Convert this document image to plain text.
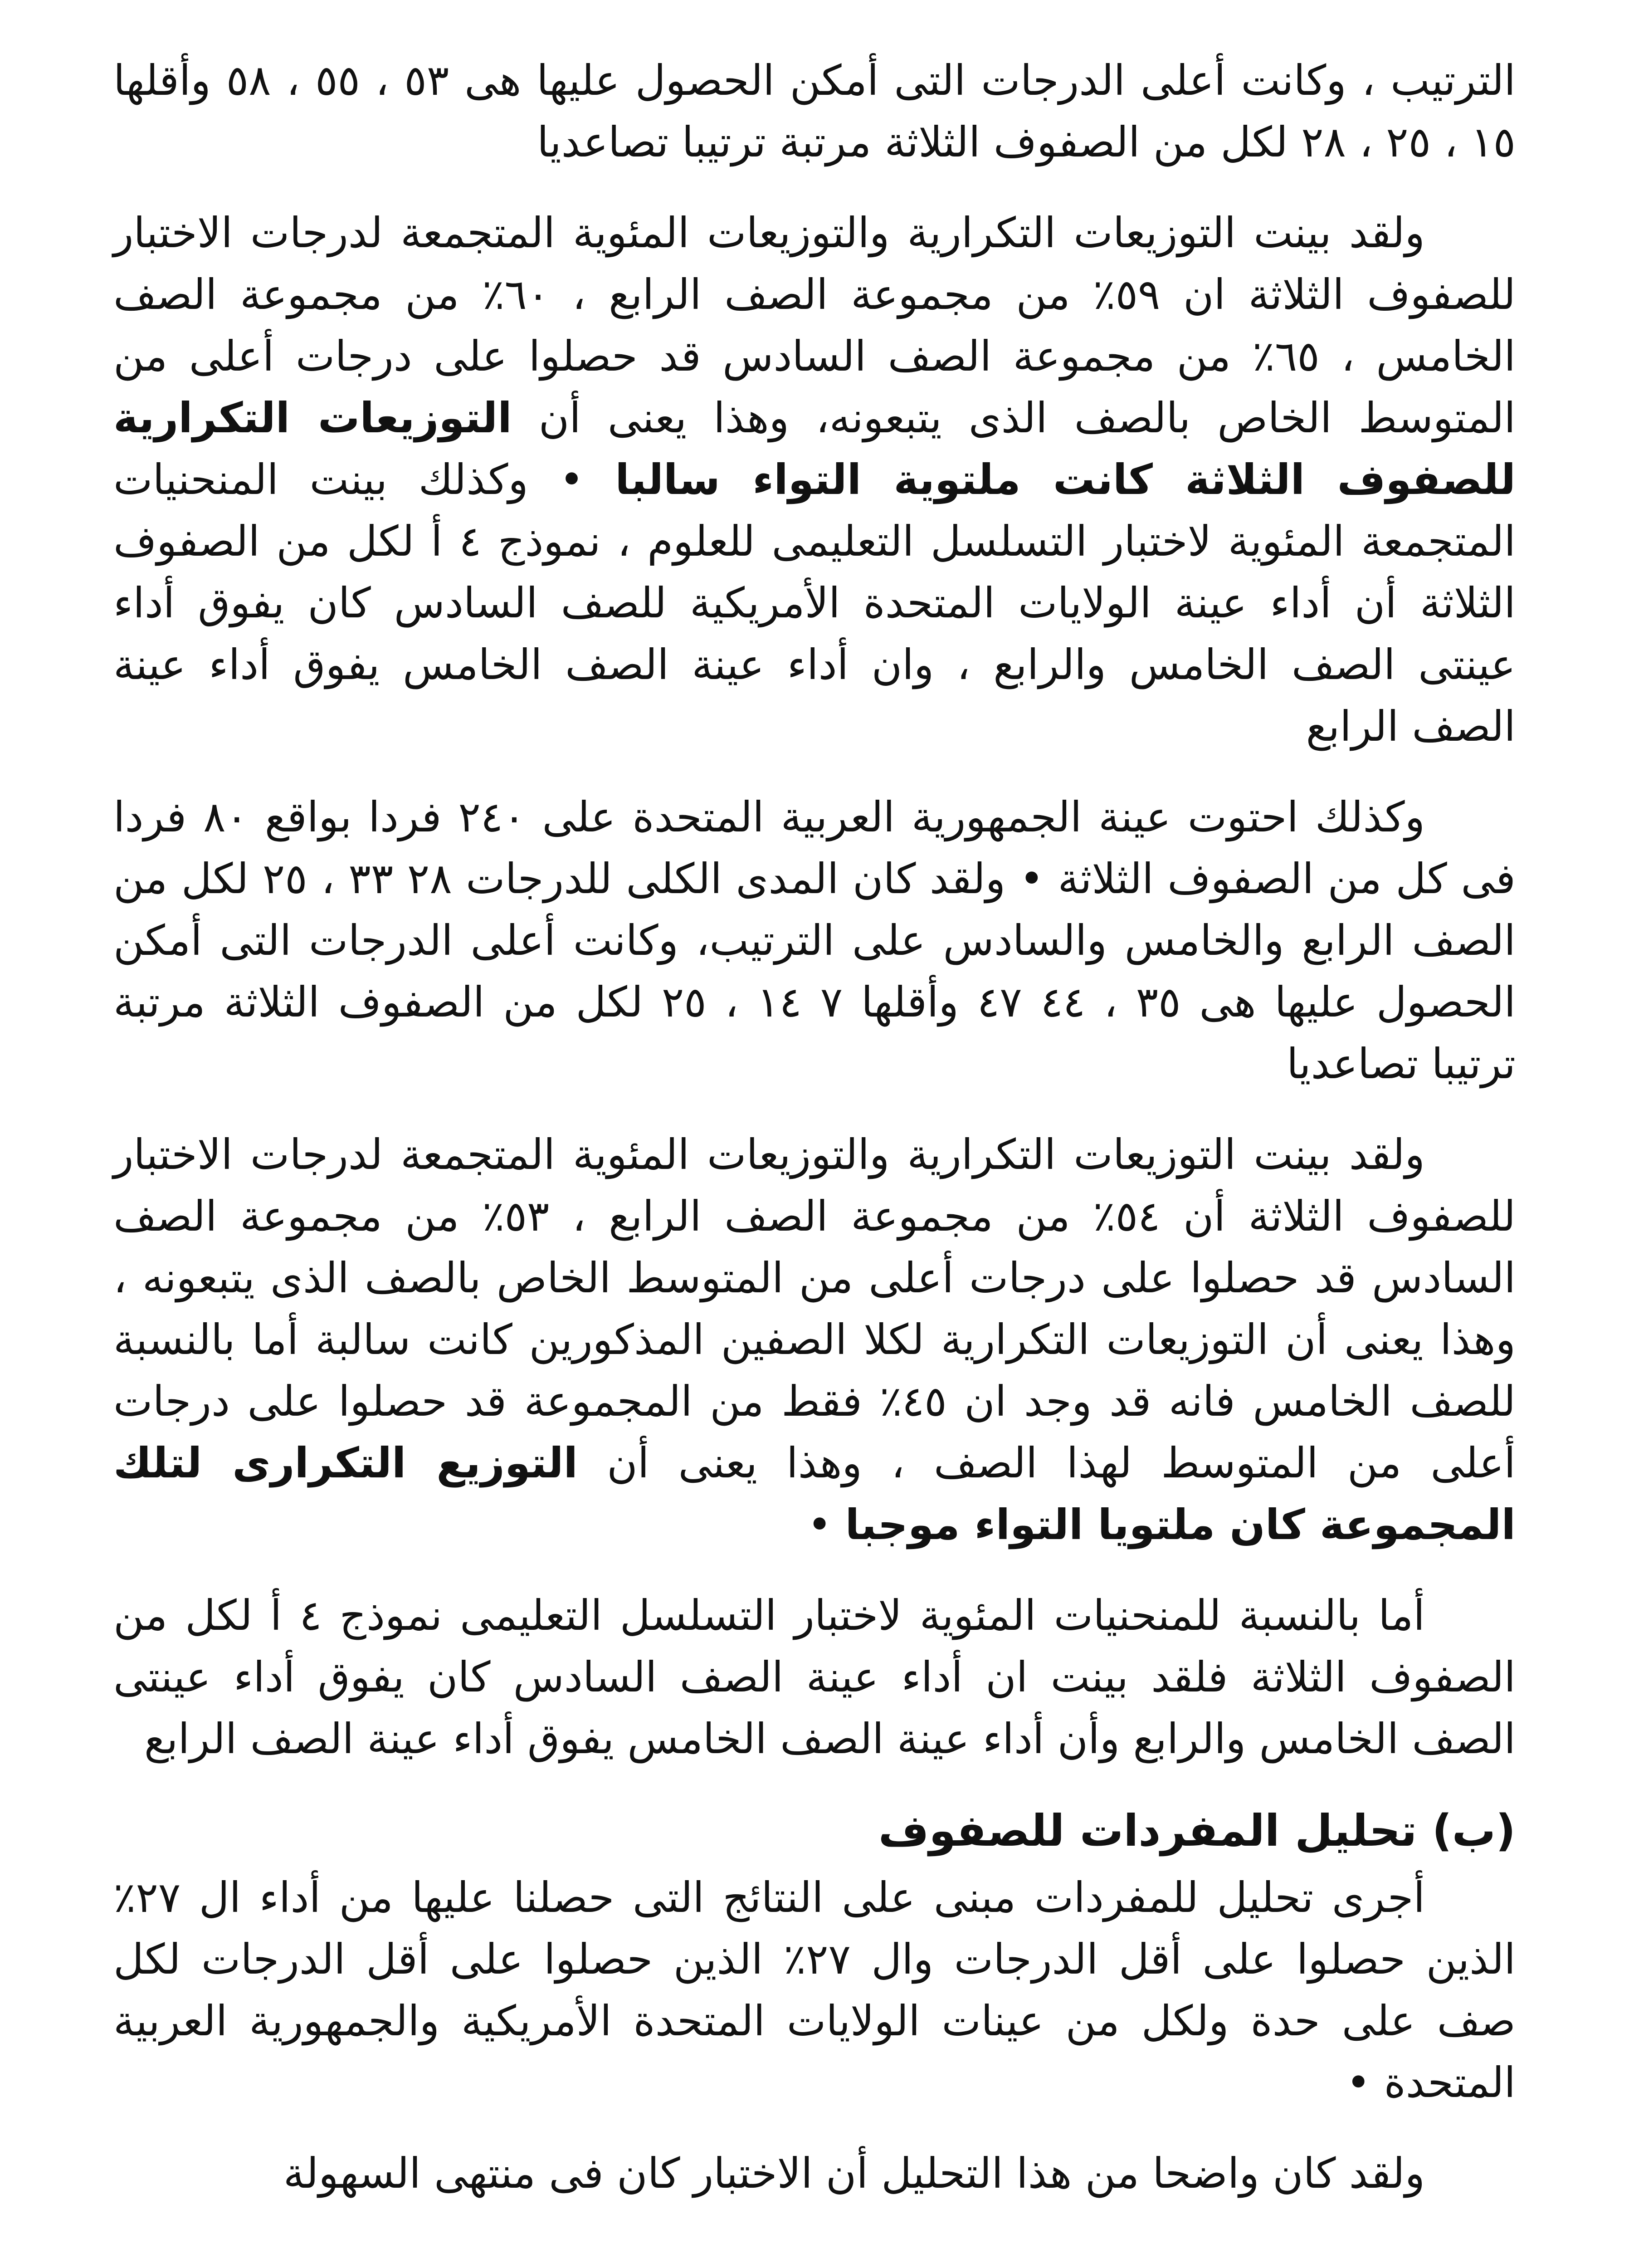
الترتيب ، وكانت أعلى الدرجات التى أمكن الحصول عليها هى ٥٣ ، ٥٥ ، ٥٨ وأقلها ١٥ ، ٢٥ ، ٢٨ لكل من الصفوف الثلاثة مرتبة ترتيبا تصاعديا

ولقد بينت التوزيعات التكرارية والتوزيعات المئوية المتجمعة لدرجات الاختبار للصفوف الثلاثة ان ٥٩٪ من مجموعة الصف الرابع ، ٦٠٪ من مجموعة الصف الخامس ، ٦٥٪ من مجموعة الصف السادس قد حصلوا على درجات أعلى من المتوسط الخاص بالصف الذى يتبعونه، وهذا يعنى أن التوزيعات التكرارية للصفوف الثلاثة كانت ملتوية التواء سالبا • وكذلك بينت المنحنيات المتجمعة المئوية لاختبار التسلسل التعليمى للعلوم ، نموذج ٤ أ لكل من الصفوف الثلاثة أن أداء عينة الولايات المتحدة الأمريكية للصف السادس كان يفوق أداء عينتى الصف الخامس والرابع ، وان أداء عينة الصف الخامس يفوق أداء عينة الصف الرابع

وكذلك احتوت عينة الجمهورية العربية المتحدة على ٢٤٠ فردا بواقع ٨٠ فردا فى كل من الصفوف الثلاثة • ولقد كان المدى الكلى للدرجات ٢٨ ٣٣ ، ٢٥ لكل من الصف الرابع والخامس والسادس على الترتيب، وكانت أعلى الدرجات التى أمكن الحصول عليها هى ٣٥ ، ٤٤ ٤٧ وأقلها ٧ ١٤ ، ٢٥ لكل من الصفوف الثلاثة مرتبة ترتيبا تصاعديا

ولقد بينت التوزيعات التكرارية والتوزيعات المئوية المتجمعة لدرجات الاختبار للصفوف الثلاثة أن ٥٤٪ من مجموعة الصف الرابع ، ٥٣٪ من مجموعة الصف السادس قد حصلوا على درجات أعلى من المتوسط الخاص بالصف الذى يتبعونه ، وهذا يعنى أن التوزيعات التكرارية لكلا الصفين المذكورين كانت سالبة أما بالنسبة للصف الخامس فانه قد وجد ان ٤٥٪ فقط من المجموعة قد حصلوا على درجات أعلى من المتوسط لهذا الصف ، وهذا يعنى أن التوزيع التكرارى لتلك المجموعة كان ملتويا التواء موجبا •

أما بالنسبة للمنحنيات المئوية لاختبار التسلسل التعليمى نموذج ٤ أ لكل من الصفوف الثلاثة فلقد بينت ان أداء عينة الصف السادس كان يفوق أداء عينتى الصف الخامس والرابع وأن أداء عينة الصف الخامس يفوق أداء عينة الصف الرابع

(ب) تحليل المفردات للصفوف

أجرى تحليل للمفردات مبنى على النتائج التى حصلنا عليها من أداء ال ٢٧٪ الذين حصلوا على أقل الدرجات وال ٢٧٪ الذين حصلوا على أقل الدرجات لكل صف على حدة ولكل من عينات الولايات المتحدة الأمريكية والجمهورية العربية المتحدة •

ولقد كان واضحا من هذا التحليل أن الاختبار كان فى منتهى السهولة
